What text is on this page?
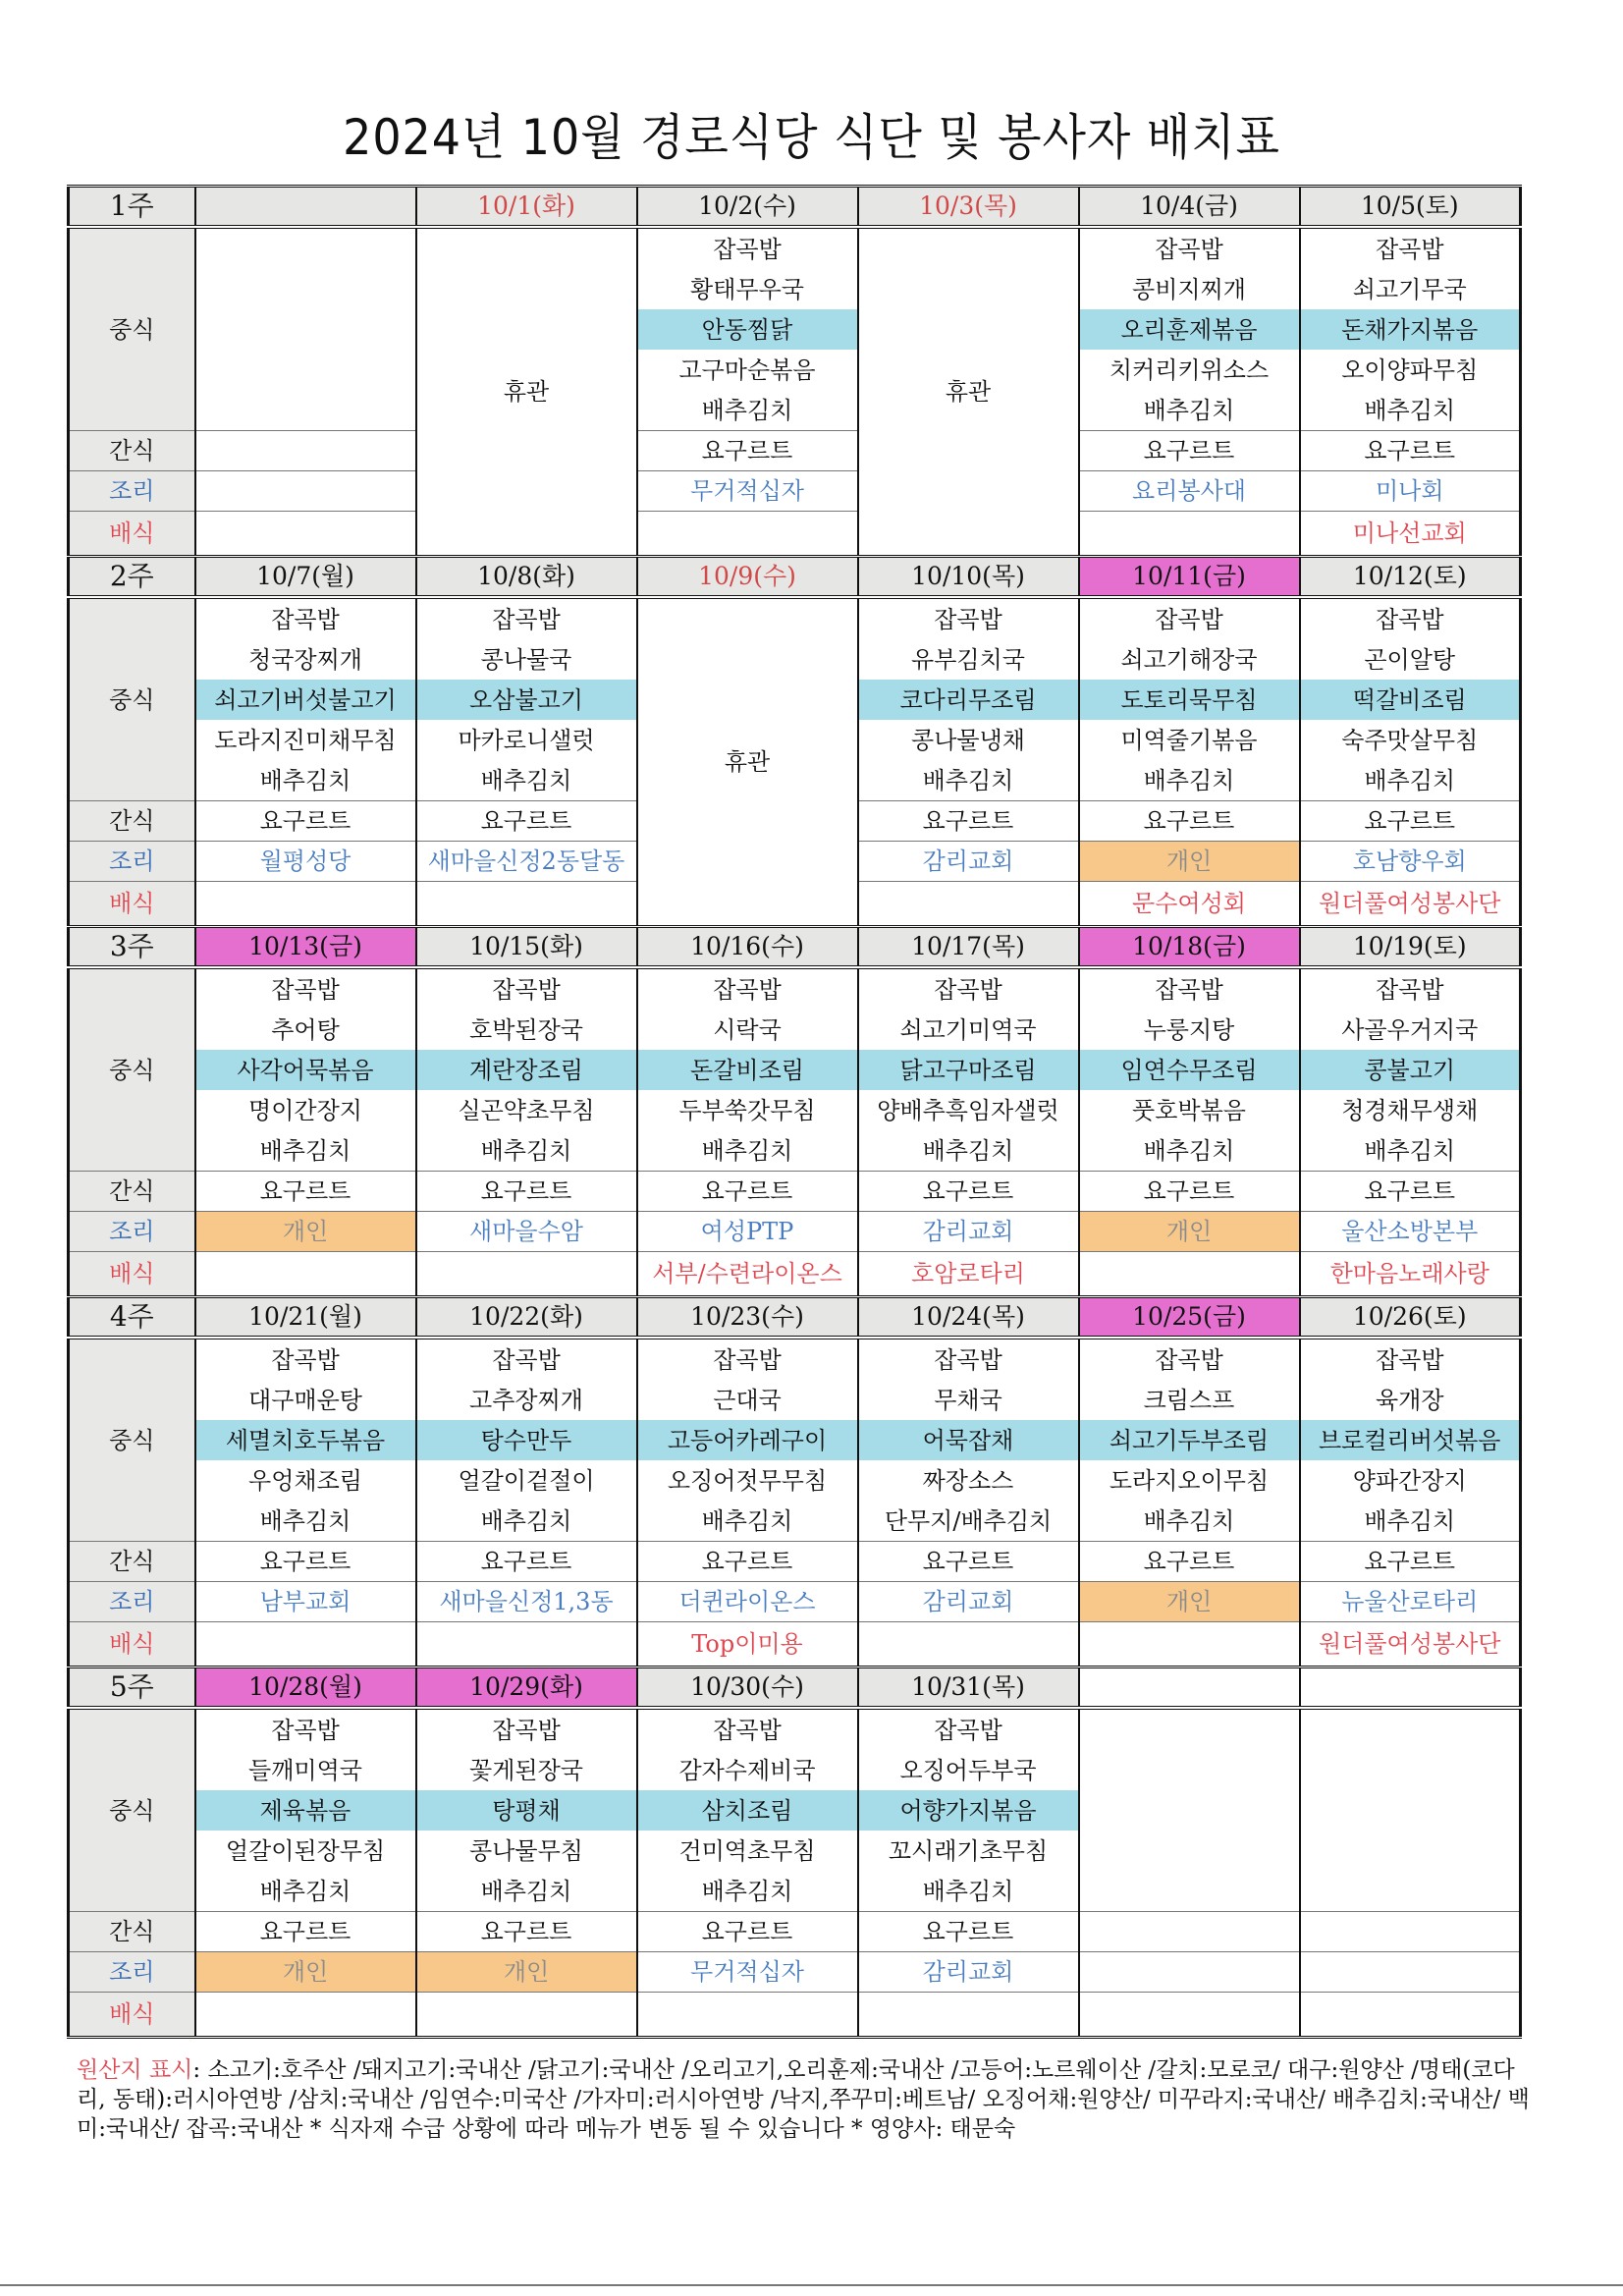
2024년 10월 경로식당 식단 및 봉사자 배치표
1주		10/1(화)	10/2(수)	10/3(목)	10/4(금)	10/5(토)
중식		휴관	잡곡밥	휴관	잡곡밥	잡곡밥
			황태무우국		콩비지찌개	쇠고기무국
			안동찜닭		오리훈제볶음	돈채가지볶음
			고구마순볶음		치커리키위소스	오이양파무침
			배추김치		배추김치	배추김치
간식			요구르트		요구르트	요구르트
조리			무거적십자		요리봉사대	미나회
배식						미나선교회
2주	10/7(월)	10/8(화)	10/9(수)	10/10(목)	10/11(금)	10/12(토)
중식	잡곡밥	잡곡밥	휴관	잡곡밥	잡곡밥	잡곡밥
	청국장찌개	콩나물국		유부김치국	쇠고기해장국	곤이알탕
	쇠고기버섯불고기	오삼불고기		코다리무조림	도토리묵무침	떡갈비조림
	도라지진미채무침	마카로니샐럿		콩나물냉채	미역줄기볶음	숙주맛살무침
	배추김치	배추김치		배추김치	배추김치	배추김치
간식	요구르트	요구르트		요구르트	요구르트	요구르트
조리	월평성당	새마을신정2동달동		감리교회	개인	호남향우회
배식					문수여성회	원더풀여성봉사단
3주	10/13(금)	10/15(화)	10/16(수)	10/17(목)	10/18(금)	10/19(토)
중식	잡곡밥	잡곡밥	잡곡밥	잡곡밥	잡곡밥	잡곡밥
	추어탕	호박된장국	시락국	쇠고기미역국	누룽지탕	사골우거지국
	사각어묵볶음	계란장조림	돈갈비조림	닭고구마조림	임연수무조림	콩불고기
	명이간장지	실곤약초무침	두부쑥갓무침	양배추흑임자샐럿	풋호박볶음	청경채무생채
	배추김치	배추김치	배추김치	배추김치	배추김치	배추김치
간식	요구르트	요구르트	요구르트	요구르트	요구르트	요구르트
조리	개인	새마을수암	여성PTP	감리교회	개인	울산소방본부
배식			서부/수련라이온스	호암로타리		한마음노래사랑
4주	10/21(월)	10/22(화)	10/23(수)	10/24(목)	10/25(금)	10/26(토)
중식	잡곡밥	잡곡밥	잡곡밥	잡곡밥	잡곡밥	잡곡밥
	대구매운탕	고추장찌개	근대국	무채국	크림스프	육개장
	세멸치호두볶음	탕수만두	고등어카레구이	어묵잡채	쇠고기두부조림	브로컬리버섯볶음
	우엉채조림	얼갈이겉절이	오징어젓무무침	짜장소스	도라지오이무침	양파간장지
	배추김치	배추김치	배추김치	단무지/배추김치	배추김치	배추김치
간식	요구르트	요구르트	요구르트	요구르트	요구르트	요구르트
조리	남부교회	새마을신정1,3동	더퀸라이온스	감리교회	개인	뉴울산로타리
배식			Top이미용			원더풀여성봉사단
5주	10/28(월)	10/29(화)	10/30(수)	10/31(목)		
중식	잡곡밥	잡곡밥	잡곡밥	잡곡밥		
	들깨미역국	꽃게된장국	감자수제비국	오징어두부국		
	제육볶음	탕평채	삼치조림	어향가지볶음		
	얼갈이된장무침	콩나물무침	건미역초무침	꼬시래기초무침		
	배추김치	배추김치	배추김치	배추김치		
간식	요구르트	요구르트	요구르트	요구르트		
조리	개인	개인	무거적십자	감리교회		
배식						
원산지 표시: 소고기:호주산 /돼지고기:국내산 /닭고기:국내산 /오리고기,오리훈제:국내산 /고등어:노르웨이산 /갈치:모로코/ 대구:원양산 /명태(코다리, 동태):러시아연방 /삼치:국내산 /임연수:미국산 /가자미:러시아연방 /낙지,쭈꾸미:베트남/ 오징어채:원양산/ 미꾸라지:국내산/ 배추김치:국내산/ 백미:국내산/ 잡곡:국내산 * 식자재 수급 상황에 따라 메뉴가 변동 될 수 있습니다 * 영양사: 태문숙
